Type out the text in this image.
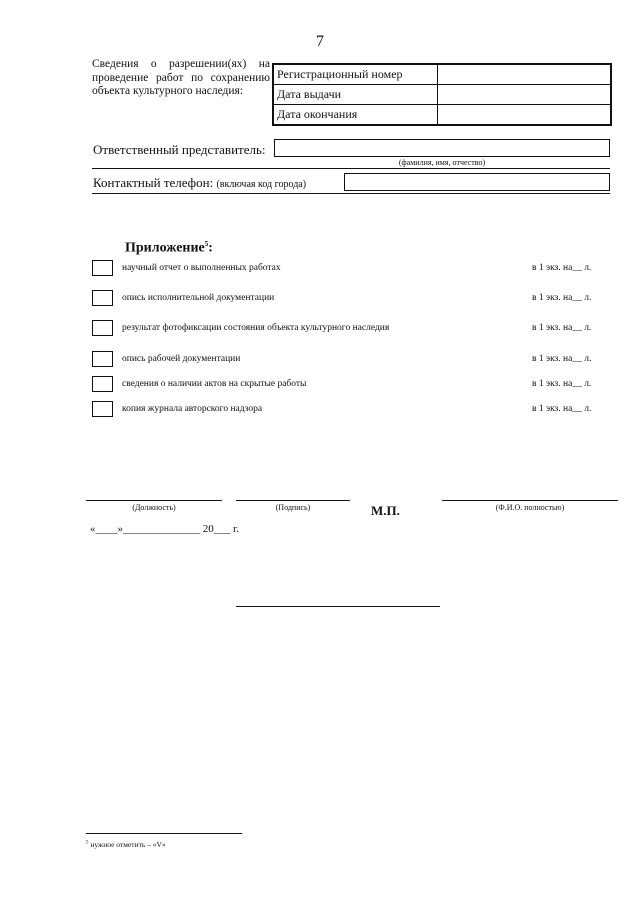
7
Сведения о разрешении(ях) на проведение работ по сохранению объекта культурного наследия:
Регистрационный номер	
Дата выдачи	
Дата окончания	
Ответственный представитель:
(фамилия, имя, отчество)
Контактный телефон: (включая код города)
Приложение$^5$:
научный отчет о выполненных работах	в 1 экз. на__ л.
опись исполнительной документации	в 1 экз. на__ л.
результат фотофиксации состояния объекта культурного наследия	в 1 экз. на__ л.
опись рабочей документации	в 1 экз. на__ л.
сведения о наличии актов на скрытые работы	в 1 экз. на__ л.
копия журнала авторского надзора	в 1 экз. на__ л.
(Должность)	(Подпись)	М.П.	(Ф.И.О. полностью)
«____»______________ 20___ г.
$^5$ нужное отметить – «V»
